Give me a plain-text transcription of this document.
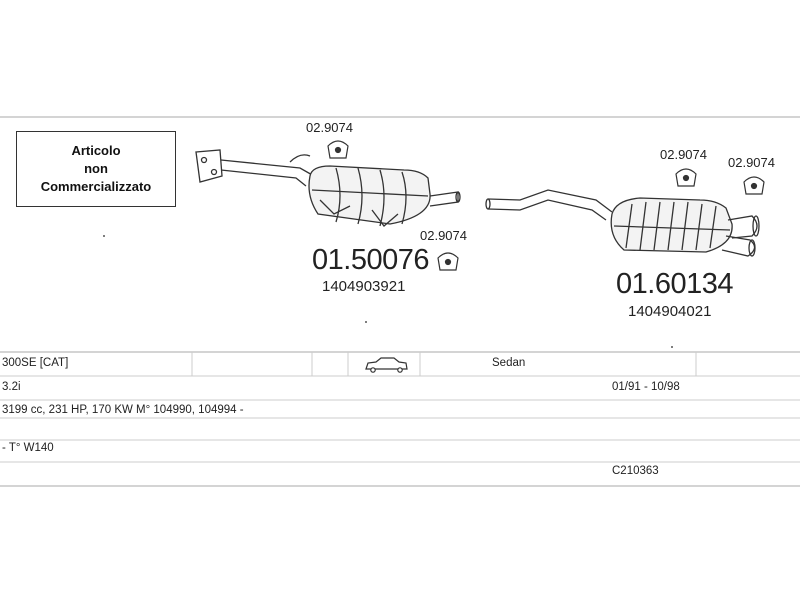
Articolo
non
Commercializzato
02.9074
02.9074
02.9074
02.9074
01.50076
1404903921	01.60134
1404904021
300SE [CAT]	Sedan
3.2i	01/91 - 10/98
3199 cc, 231 HP, 170 KW M° 104990, 104994 -
- T° W140
C210363
